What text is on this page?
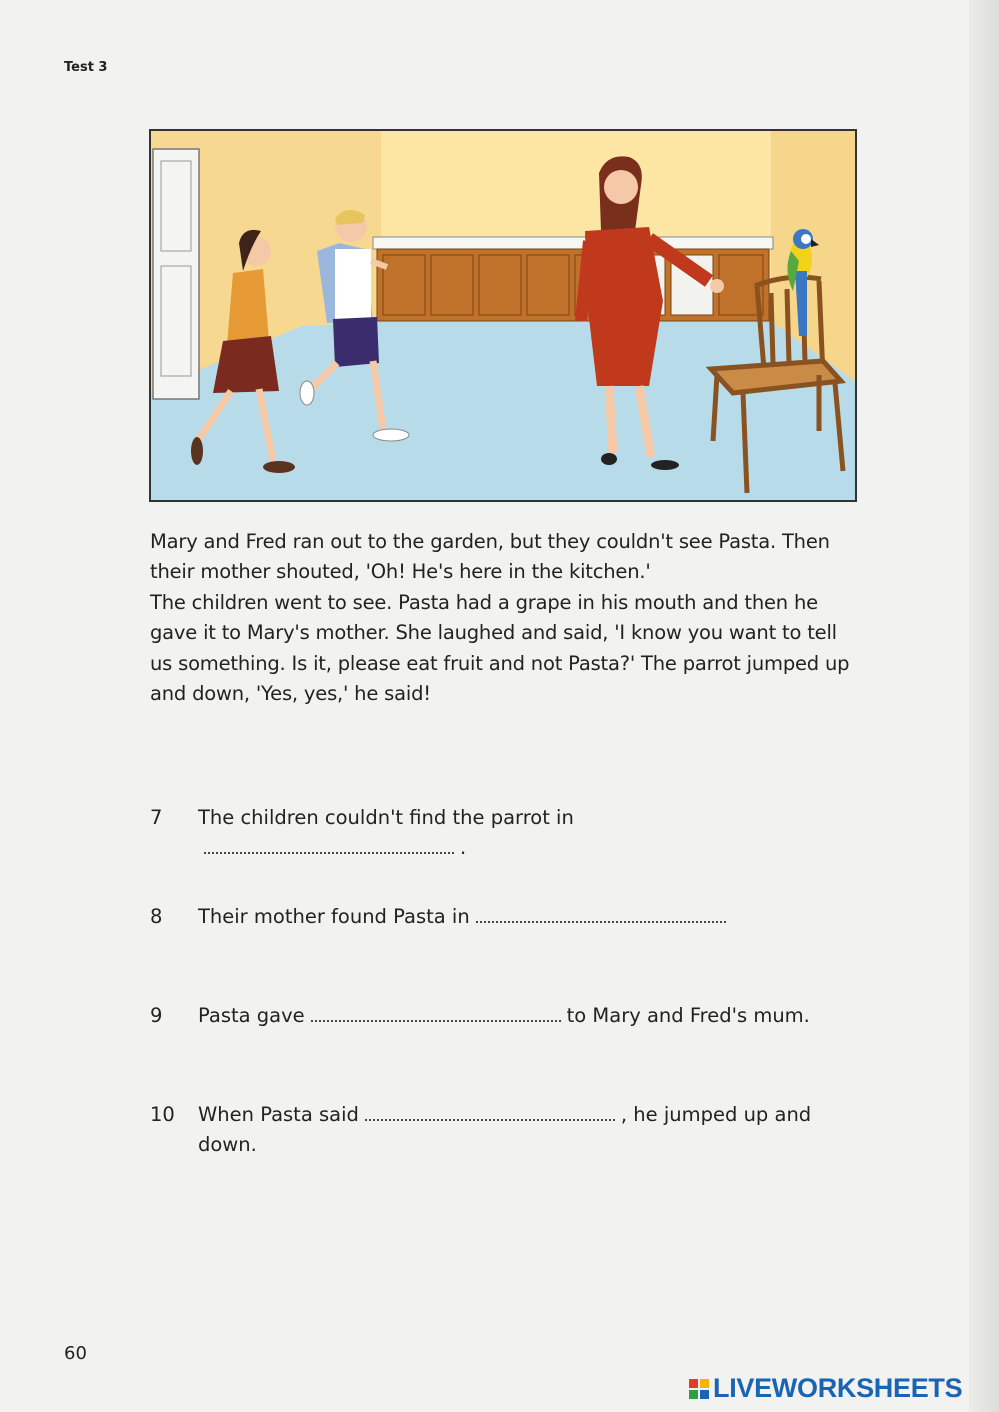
Test 3

Mary and Fred ran out to the garden, but they couldn't see Pasta. Then their mother shouted, 'Oh! He's here in the kitchen.'

The children went to see. Pasta had a grape in his mouth and then he gave it to Mary's mother. She laughed and said, 'I know you want to tell us something. Is it, please eat fruit and not Pasta?' The parrot jumped up and down, 'Yes, yes,' he said!

7	The children couldn't find the parrot in.
8	Their mother found Pasta in
9	Pasta gave	to Mary and Fred's mum.
10	When Pasta said	, he jumped up and down.
60
LIVEWORKSHEETS
